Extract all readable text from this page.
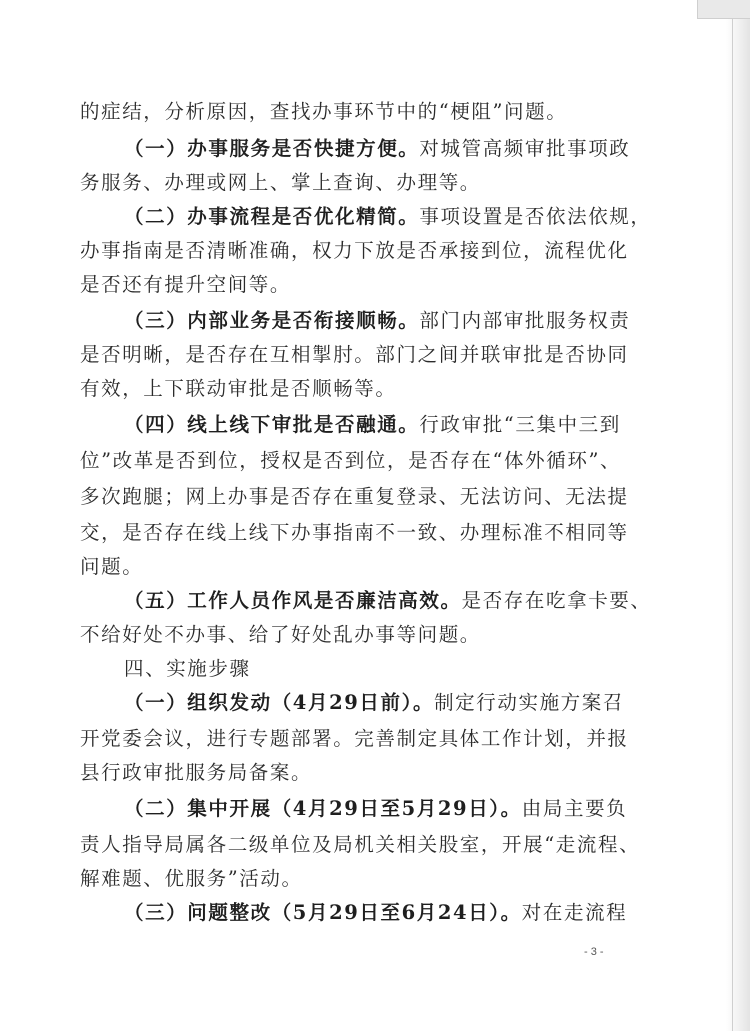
的症结，分析原因，查找办事环节中的“梗阻”问题。
（一）办事服务是否快捷方便。对城管高频审批事项政
务服务、办理或网上、掌上查询、办理等。
（二）办事流程是否优化精简。事项设置是否依法依规，
办事指南是否清晰准确，权力下放是否承接到位，流程优化
是否还有提升空间等。
（三）内部业务是否衔接顺畅。部门内部审批服务权责
是否明晰，是否存在互相掣肘。部门之间并联审批是否协同
有效，上下联动审批是否顺畅等。
（四）线上线下审批是否融通。行政审批“三集中三到
位”改革是否到位，授权是否到位，是否存在“体外循环”、
多次跑腿；网上办事是否存在重复登录、无法访问、无法提
交，是否存在线上线下办事指南不一致、办理标准不相同等
问题。
（五）工作人员作风是否廉洁高效。是否存在吃拿卡要、
不给好处不办事、给了好处乱办事等问题。
四、实施步骤
（一）组织发动（4月29日前）。制定行动实施方案召
开党委会议，进行专题部署。完善制定具体工作计划，并报
县行政审批服务局备案。
（二）集中开展（4月29日至5月29日）。由局主要负
责人指导局属各二级单位及局机关相关股室，开展“走流程、
解难题、优服务”活动。
（三）问题整改（5月29日至6月24日）。对在走流程
- 3 -
